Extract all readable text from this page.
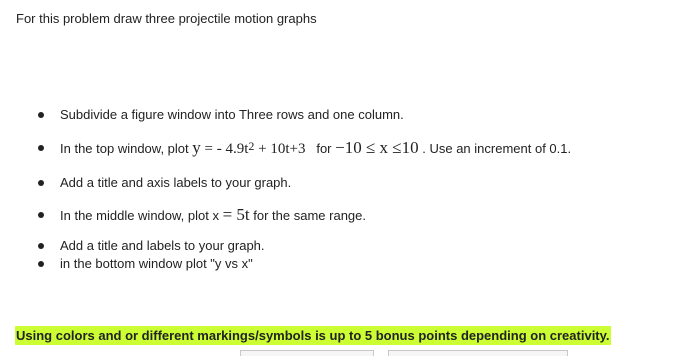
For this problem draw three projectile motion graphs
Subdivide a figure window into Three rows and one column.
In the top window, plot y = - $4.9t^2 + 10t+3$ for −10 ≤ x ≤10 . Use an increment of 0.1.
Add a title and axis labels to your graph.
In the middle window, plot x = 5t for the same range.
Add a title and labels to your graph.
in the bottom window plot "y vs x"
Using colors and or different markings/symbols is up to 5 bonus points depending on creativity.
